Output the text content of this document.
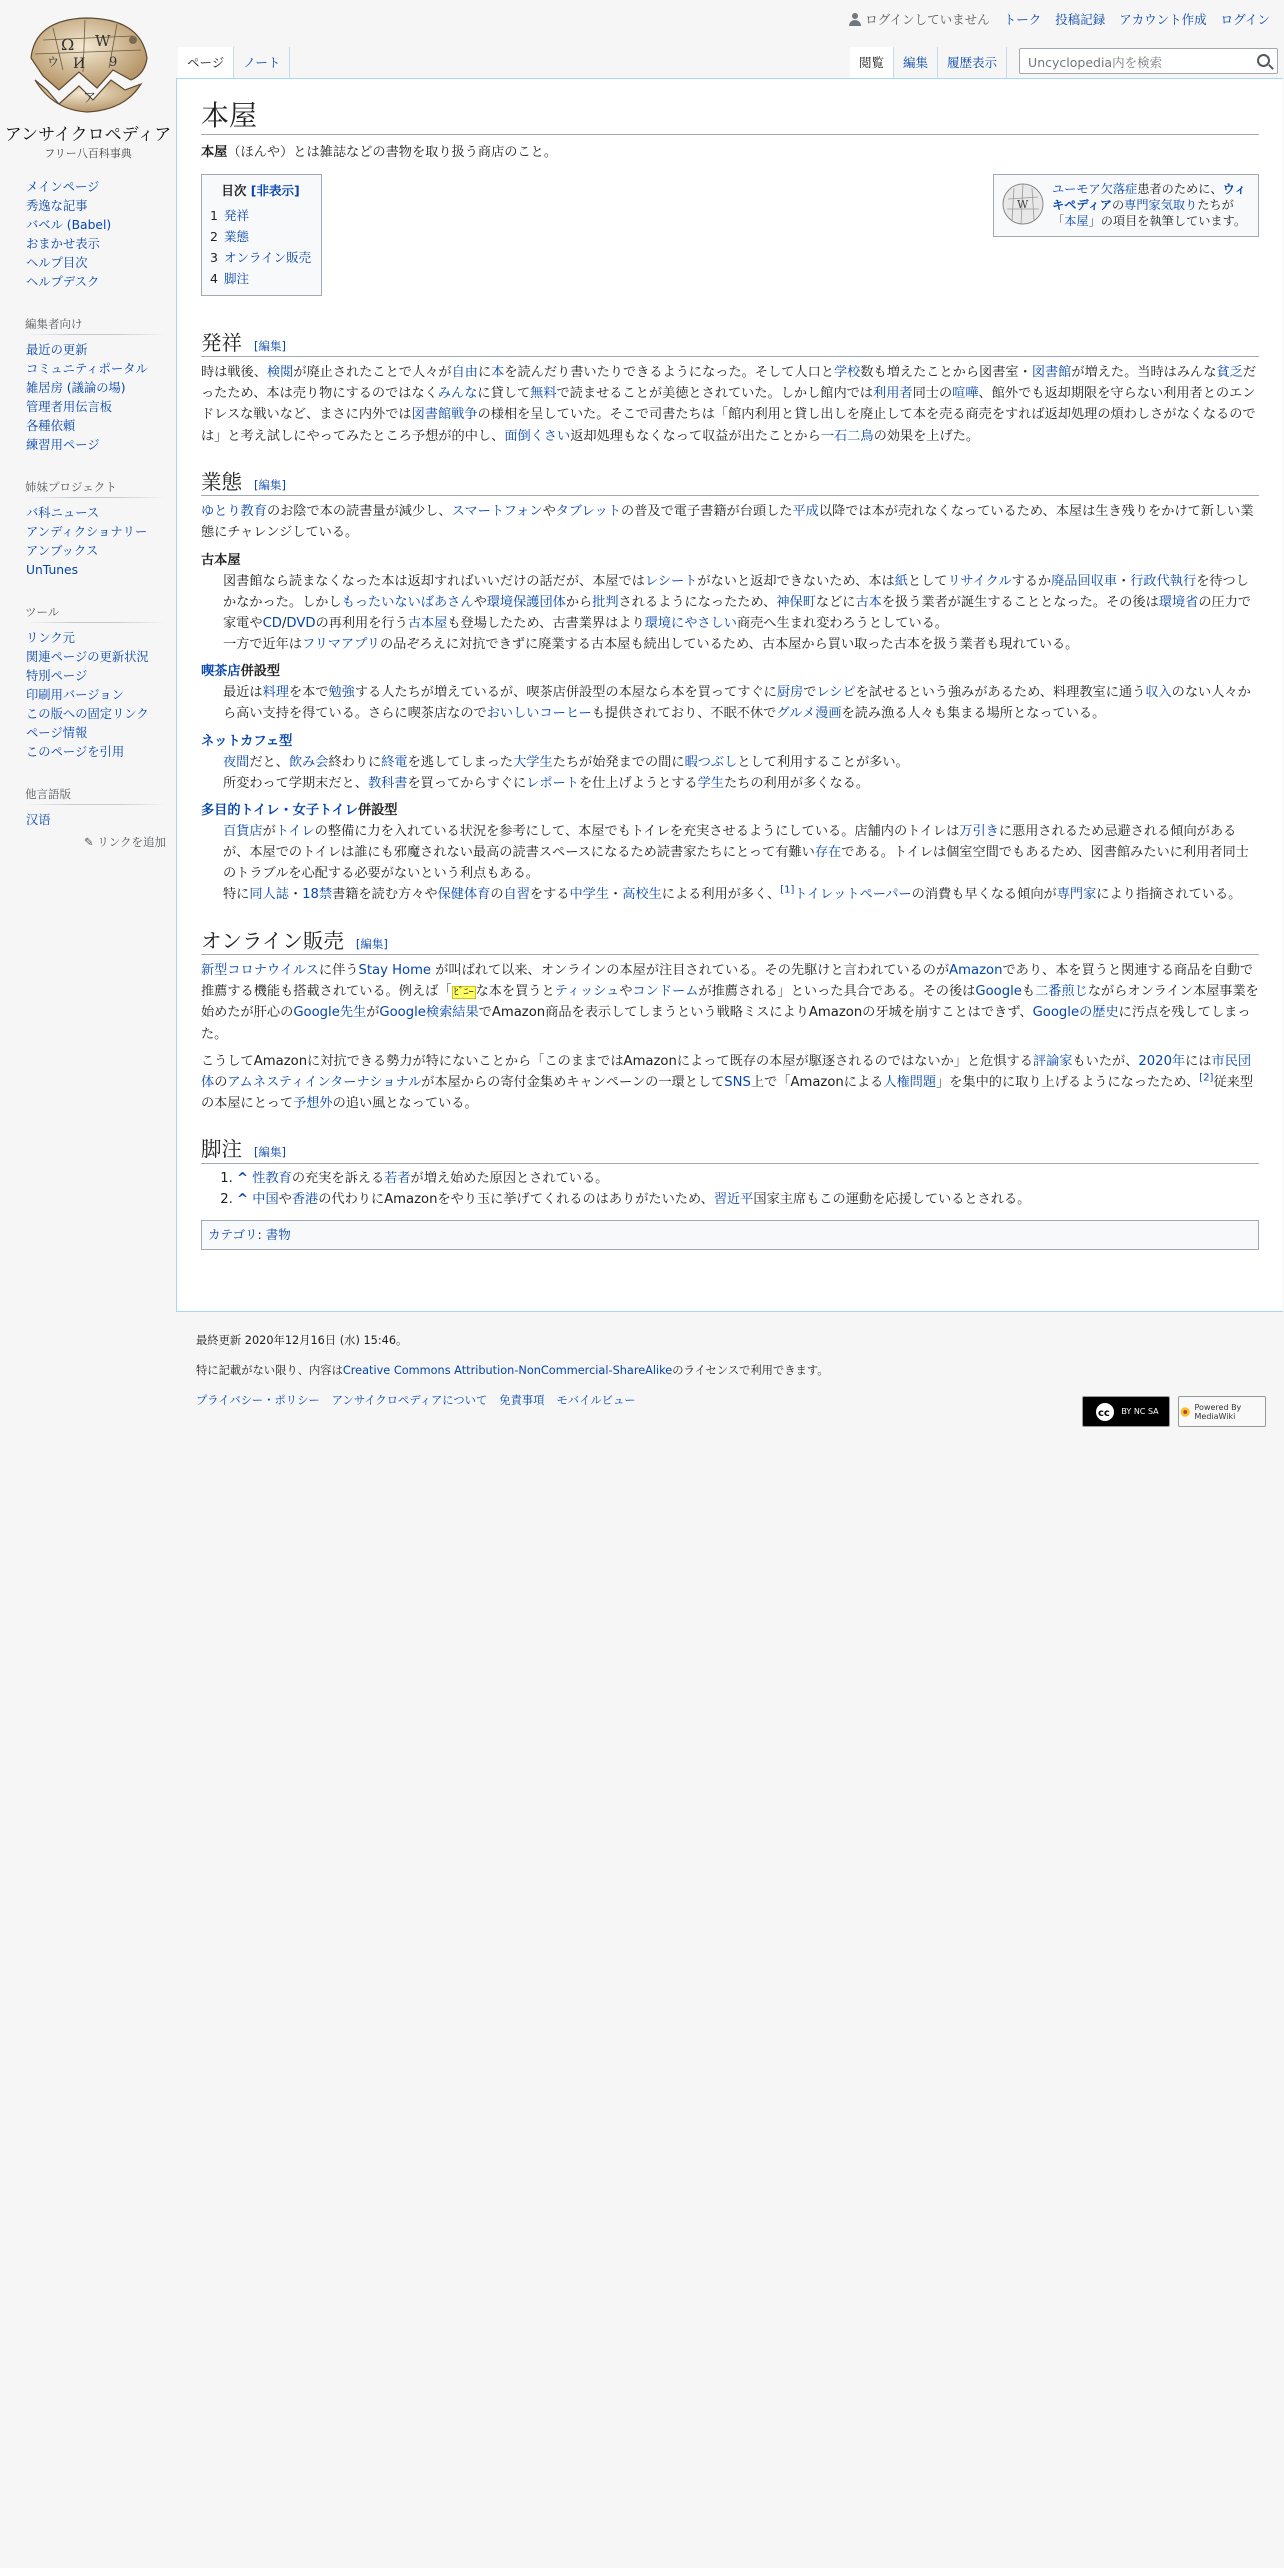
ログインしていません トーク 投稿記録 アカウント作成 ログイン
Ω W
И 9
ウ
ア
アンサイクロペディア
フリー八百科事典
メインページ
秀逸な記事
バベル (Babel)
おまかせ表示
ヘルプ目次
ヘルプデスク
編集者向け
最近の更新
コミュニティポータル
雑居房 (議論の場)
管理者用伝言板
各種依頼
練習用ページ
姉妹プロジェクト
バ科ニュース
アンディクショナリー
アンブックス
UnTunes
ツール
リンク元
関連ページの更新状況
特別ページ
印刷用バージョン
この版への固定リンク
ページ情報
このページを引用
他言語版
汉语
✎ リンクを追加
ページ ノート	閲覧 編集 履歴表示
Uncyclopedia内を検索
本屋

本屋（ほんや）とは雑誌などの書物を取り扱う商店のこと。

W
ユーモア欠落症患者のために、ウィキペディアの専門家気取りたちが「本屋」の項目を執筆しています。
目次 [非表示]
1 発祥
2 業態
3 オンライン販売
4 脚注
発祥 [編集]

時は戦後、検閲が廃止されたことで人々が自由に本を読んだり書いたりできるようになった。そして人口と学校数も増えたことから図書室・図書館が増えた。当時はみんな貧乏だったため、本は売り物にするのではなくみんなに貸して無料で読ませることが美徳とされていた。しかし館内では利用者同士の喧嘩、館外でも返却期限を守らない利用者とのエンドレスな戦いなど、まさに内外では図書館戦争の様相を呈していた。そこで司書たちは「館内利用と貸し出しを廃止して本を売る商売をすれば返却処理の煩わしさがなくなるのでは」と考え試しにやってみたところ予想が的中し、面倒くさい返却処理もなくなって収益が出たことから一石二鳥の効果を上げた。

業態 [編集]

ゆとり教育のお陰で本の読書量が減少し、スマートフォンやタブレットの普及で電子書籍が台頭した平成以降では本が売れなくなっているため、本屋は生き残りをかけて新しい業態にチャレンジしている。

古本屋
図書館なら読まなくなった本は返却すればいいだけの話だが、本屋ではレシートがないと返却できないため、本は紙としてリサイクルするか廃品回収車・行政代執行を待つしかなかった。しかしもったいないばあさんや環境保護団体から批判されるようになったため、神保町などに古本を扱う業者が誕生することとなった。その後は環境省の圧力で家電やCD/DVDの再利用を行う古本屋も登場したため、古書業界はより環境にやさしい商売へ生まれ変わろうとしている。
一方で近年はフリマアプリの品ぞろえに対抗できずに廃業する古本屋も続出しているため、古本屋から買い取った古本を扱う業者も現れている。
喫茶店併設型
最近は料理を本で勉強する人たちが増えているが、喫茶店併設型の本屋なら本を買ってすぐに厨房でレシピを試せるという強みがあるため、料理教室に通う収入のない人々から高い支持を得ている。さらに喫茶店なのでおいしいコーヒーも提供されており、不眠不休でグルメ漫画を読み漁る人々も集まる場所となっている。
ネットカフェ型
夜間だと、飲み会終わりに終電を逃してしまった大学生たちが始発までの間に暇つぶしとして利用することが多い。
所変わって学期末だと、教科書を買ってからすぐにレポートを仕上げようとする学生たちの利用が多くなる。
多目的トイレ・女子トイレ併設型
百貨店がトイレの整備に力を入れている状況を参考にして、本屋でもトイレを充実させるようにしている。店舗内のトイレは万引きに悪用されるため忌避される傾向があるが、本屋でのトイレは誰にも邪魔されない最高の読書スペースになるため読書家たちにとって有難い存在である。トイレは個室空間でもあるため、図書館みたいに利用者同士のトラブルを心配する必要がないという利点もある。
特に同人誌・18禁書籍を読む方々や保健体育の自習をする中学生・高校生による利用が多く、[1]トイレットペーパーの消費も早くなる傾向が専門家により指摘されている。
オンライン販売 [編集]

新型コロナウイルスに伴うStay Home が叫ばれて以来、オンラインの本屋が注目されている。その先駆けと言われているのがAmazonであり、本を買うと関連する商品を自動で推薦する機能も搭載されている。例えば「 ﾋﾞﾆｰ な本を買うとティッシュやコンドームが推薦される」といった具合である。その後はGoogleも二番煎じながらオンライン本屋事業を始めたが肝心のGoogle先生がGoogle検索結果でAmazon商品を表示してしまうという戦略ミスによりAmazonの牙城を崩すことはできず、Googleの歴史に汚点を残してしまった。

こうしてAmazonに対抗できる勢力が特にないことから「このままではAmazonによって既存の本屋が駆逐されるのではないか」と危惧する評論家もいたが、2020年には市民団体のアムネスティインターナショナルが本屋からの寄付金集めキャンペーンの一環としてSNS上で「Amazonによる人権問題」を集中的に取り上げるようになったため、[2]従来型の本屋にとって予想外の追い風となっている。

脚注 [編集]
1. ^ 性教育の充実を訴える若者が増え始めた原因とされている。
2. ^ 中国や香港の代わりにAmazonをやり玉に挙げてくれるのはありがたいため、習近平国家主席もこの運動を応援しているとされる。
カテゴリ: 書物

最終更新 2020年12月16日 (水) 15:46。

特に記載がない限り、内容はCreative Commons Attribution-NonCommercial-ShareAlikeのライセンスで利用できます。

プライバシー・ポリシー アンサイクロペディアについて 免責事項 モバイルビュー
cc BY NC SA	Powered By MediaWiki
